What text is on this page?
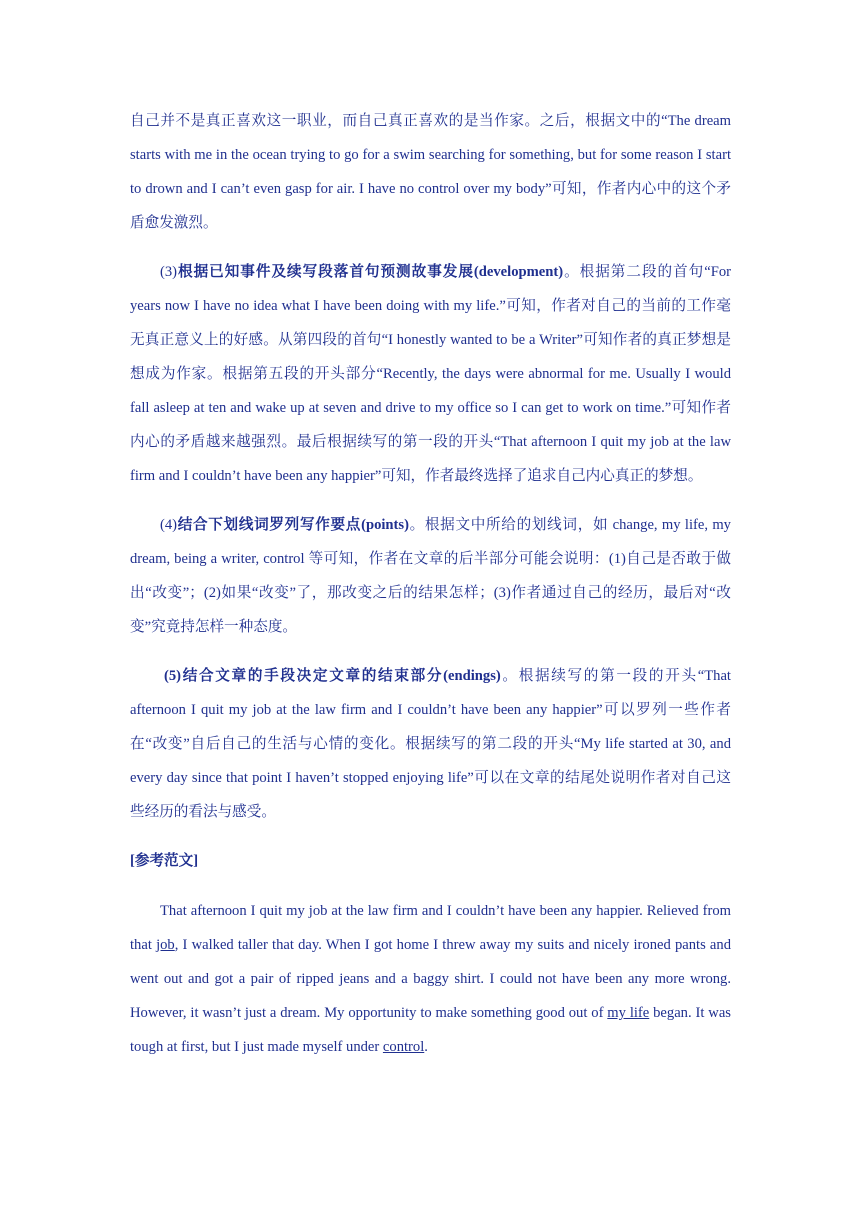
自己并不是真正喜欢这一职业，而自己真正喜欢的是当作家。之后，根据文中的“The dream starts with me in the ocean trying to go for a swim searching for something, but for some reason I start to drown and I can’t even gasp for air. I have no control over my body”可知，作者内心中的这个矛盾愈发激烈。

(3)根据已知事件及续写段落首句预测故事发展(development)。根据第二段的首句“For years now I have no idea what I have been doing with my life.”可知，作者对自己的当前的工作毫无真正意义上的好感。从第四段的首句“I honestly wanted to be a Writer”可知作者的真正梦想是想成为作家。根据第五段的开头部分“Recently, the days were abnormal for me. Usually I would fall asleep at ten and wake up at seven and drive to my office so I can get to work on time.”可知作者内心的矛盾越来越强烈。最后根据续写的第一段的开头“That afternoon I quit my job at the law firm and I couldn’t have been any happier”可知，作者最终选择了追求自己内心真正的梦想。

(4)结合下划线词罗列写作要点(points)。根据文中所给的划线词，如 change, my life, my dream, being a writer, control 等可知，作者在文章的后半部分可能会说明：(1)自己是否敢于做出“改变”；(2)如果“改变”了，那改变之后的结果怎样；(3)作者通过自己的经历，最后对“改变”究竟持怎样一种态度。

(5)结合文章的手段决定文章的结束部分(endings)。根据续写的第一段的开头“That afternoon I quit my job at the law firm and I couldn’t have been any happier”可以罗列一些作者在“改变”自后自己的生活与心情的变化。根据续写的第二段的开头“My life started at 30, and every day since that point I haven’t stopped enjoying life”可以在文章的结尾处说明作者对自己这些经历的看法与感受。

[参考范文]

That afternoon I quit my job at the law firm and I couldn’t have been any happier. Relieved from that job, I walked taller that day. When I got home I threw away my suits and nicely ironed pants and went out and got a pair of ripped jeans and a baggy shirt. I could not have been any more wrong. However, it wasn’t just a dream. My opportunity to make something good out of my life began. It was tough at first, but I just made myself under control.
